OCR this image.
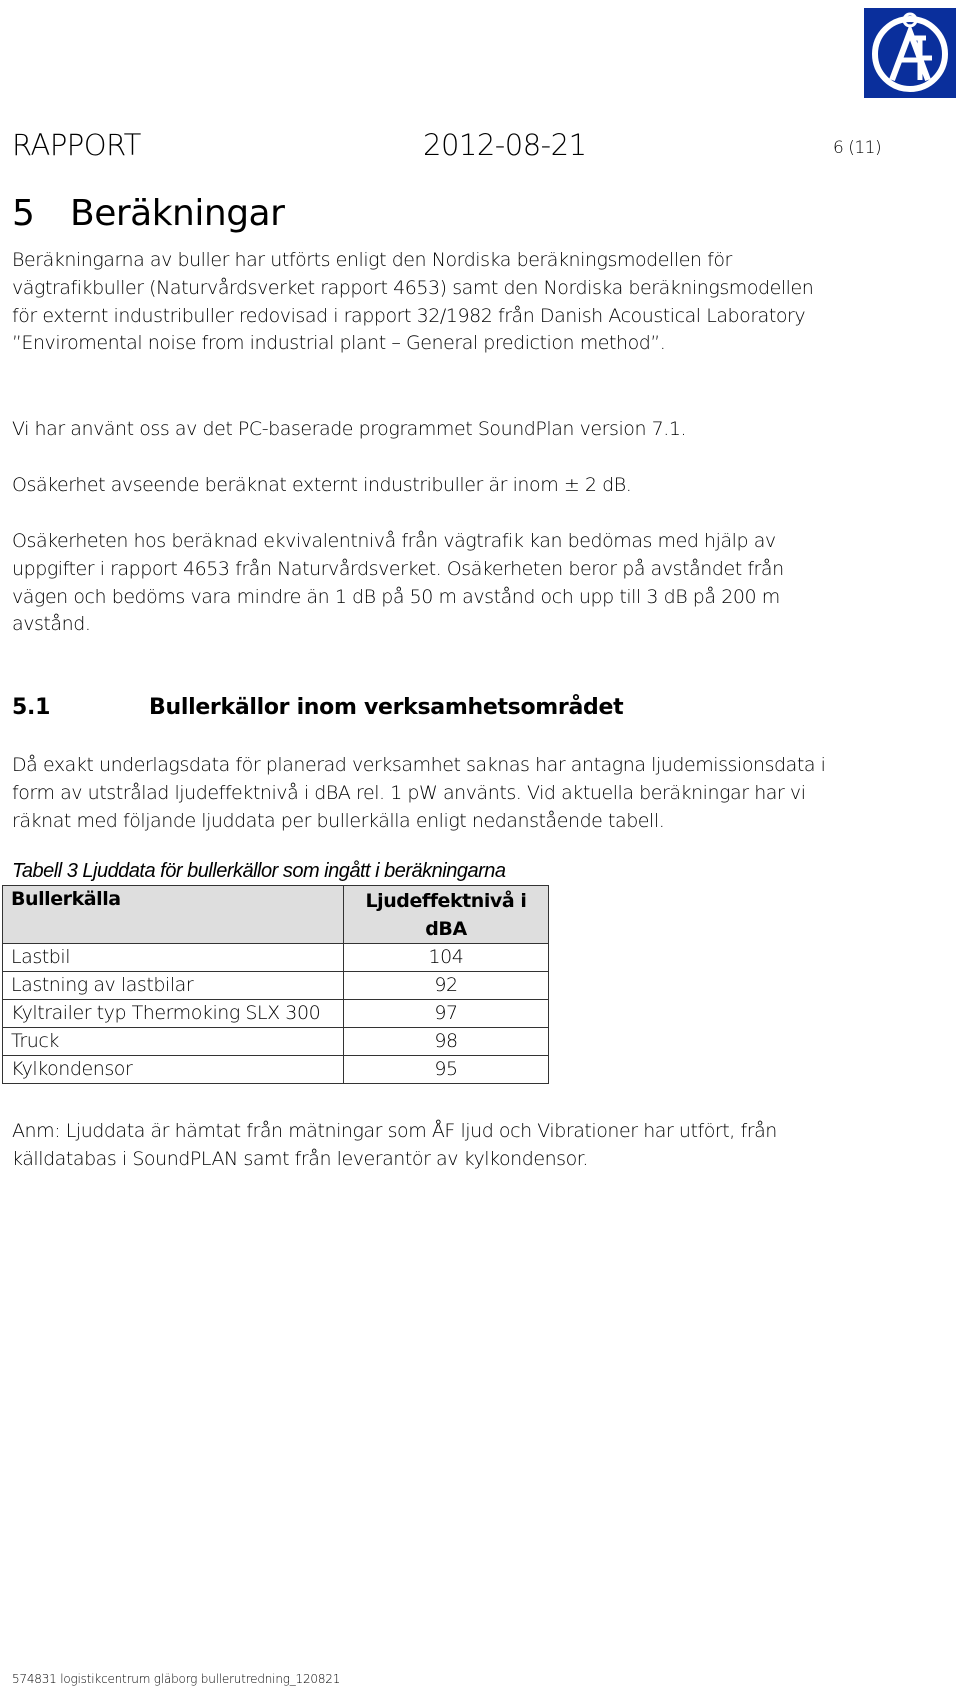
RAPPORT	2012-08-21	6 (11)
5 Beräkningar
Beräkningarna av buller har utförts enligt den Nordiska beräkningsmodellen för vägtrafikbuller (Naturvårdsverket rapport 4653) samt den Nordiska beräkningsmodellen för externt industribuller redovisad i rapport 32/1982 från Danish Acoustical Laboratory ”Enviromental noise from industrial plant – General prediction method”.
Vi har använt oss av det PC-baserade programmet SoundPlan version 7.1.
Osäkerhet avseende beräknat externt industribuller är inom ± 2 dB.
Osäkerheten hos beräknad ekvivalentnivå från vägtrafik kan bedömas med hjälp av uppgifter i rapport 4653 från Naturvårdsverket. Osäkerheten beror på avståndet från vägen och bedöms vara mindre än 1 dB på 50 m avstånd och upp till 3 dB på 200 m avstånd.
5.1	Bullerkällor inom verksamhetsområdet
Då exakt underlagsdata för planerad verksamhet saknas har antagna ljudemissionsdata i form av utstrålad ljudeffektnivå i dBA rel. 1 pW använts. Vid aktuella beräkningar har vi räknat med följande ljuddata per bullerkälla enligt nedanstående tabell.
Tabell 3 Ljuddata för bullerkällor som ingått i beräkningarna
Bullerkälla	Ljudeffektnivå i dBA
Lastbil	104
Lastning av lastbilar	92
Kyltrailer typ Thermoking SLX 300	97
Truck	98
Kylkondensor	95
Anm: Ljuddata är hämtat från mätningar som ÅF ljud och Vibrationer har utfört, från källdatabas i SoundPLAN samt från leverantör av kylkondensor.
574831 logistikcentrum gläborg bullerutredning_120821
